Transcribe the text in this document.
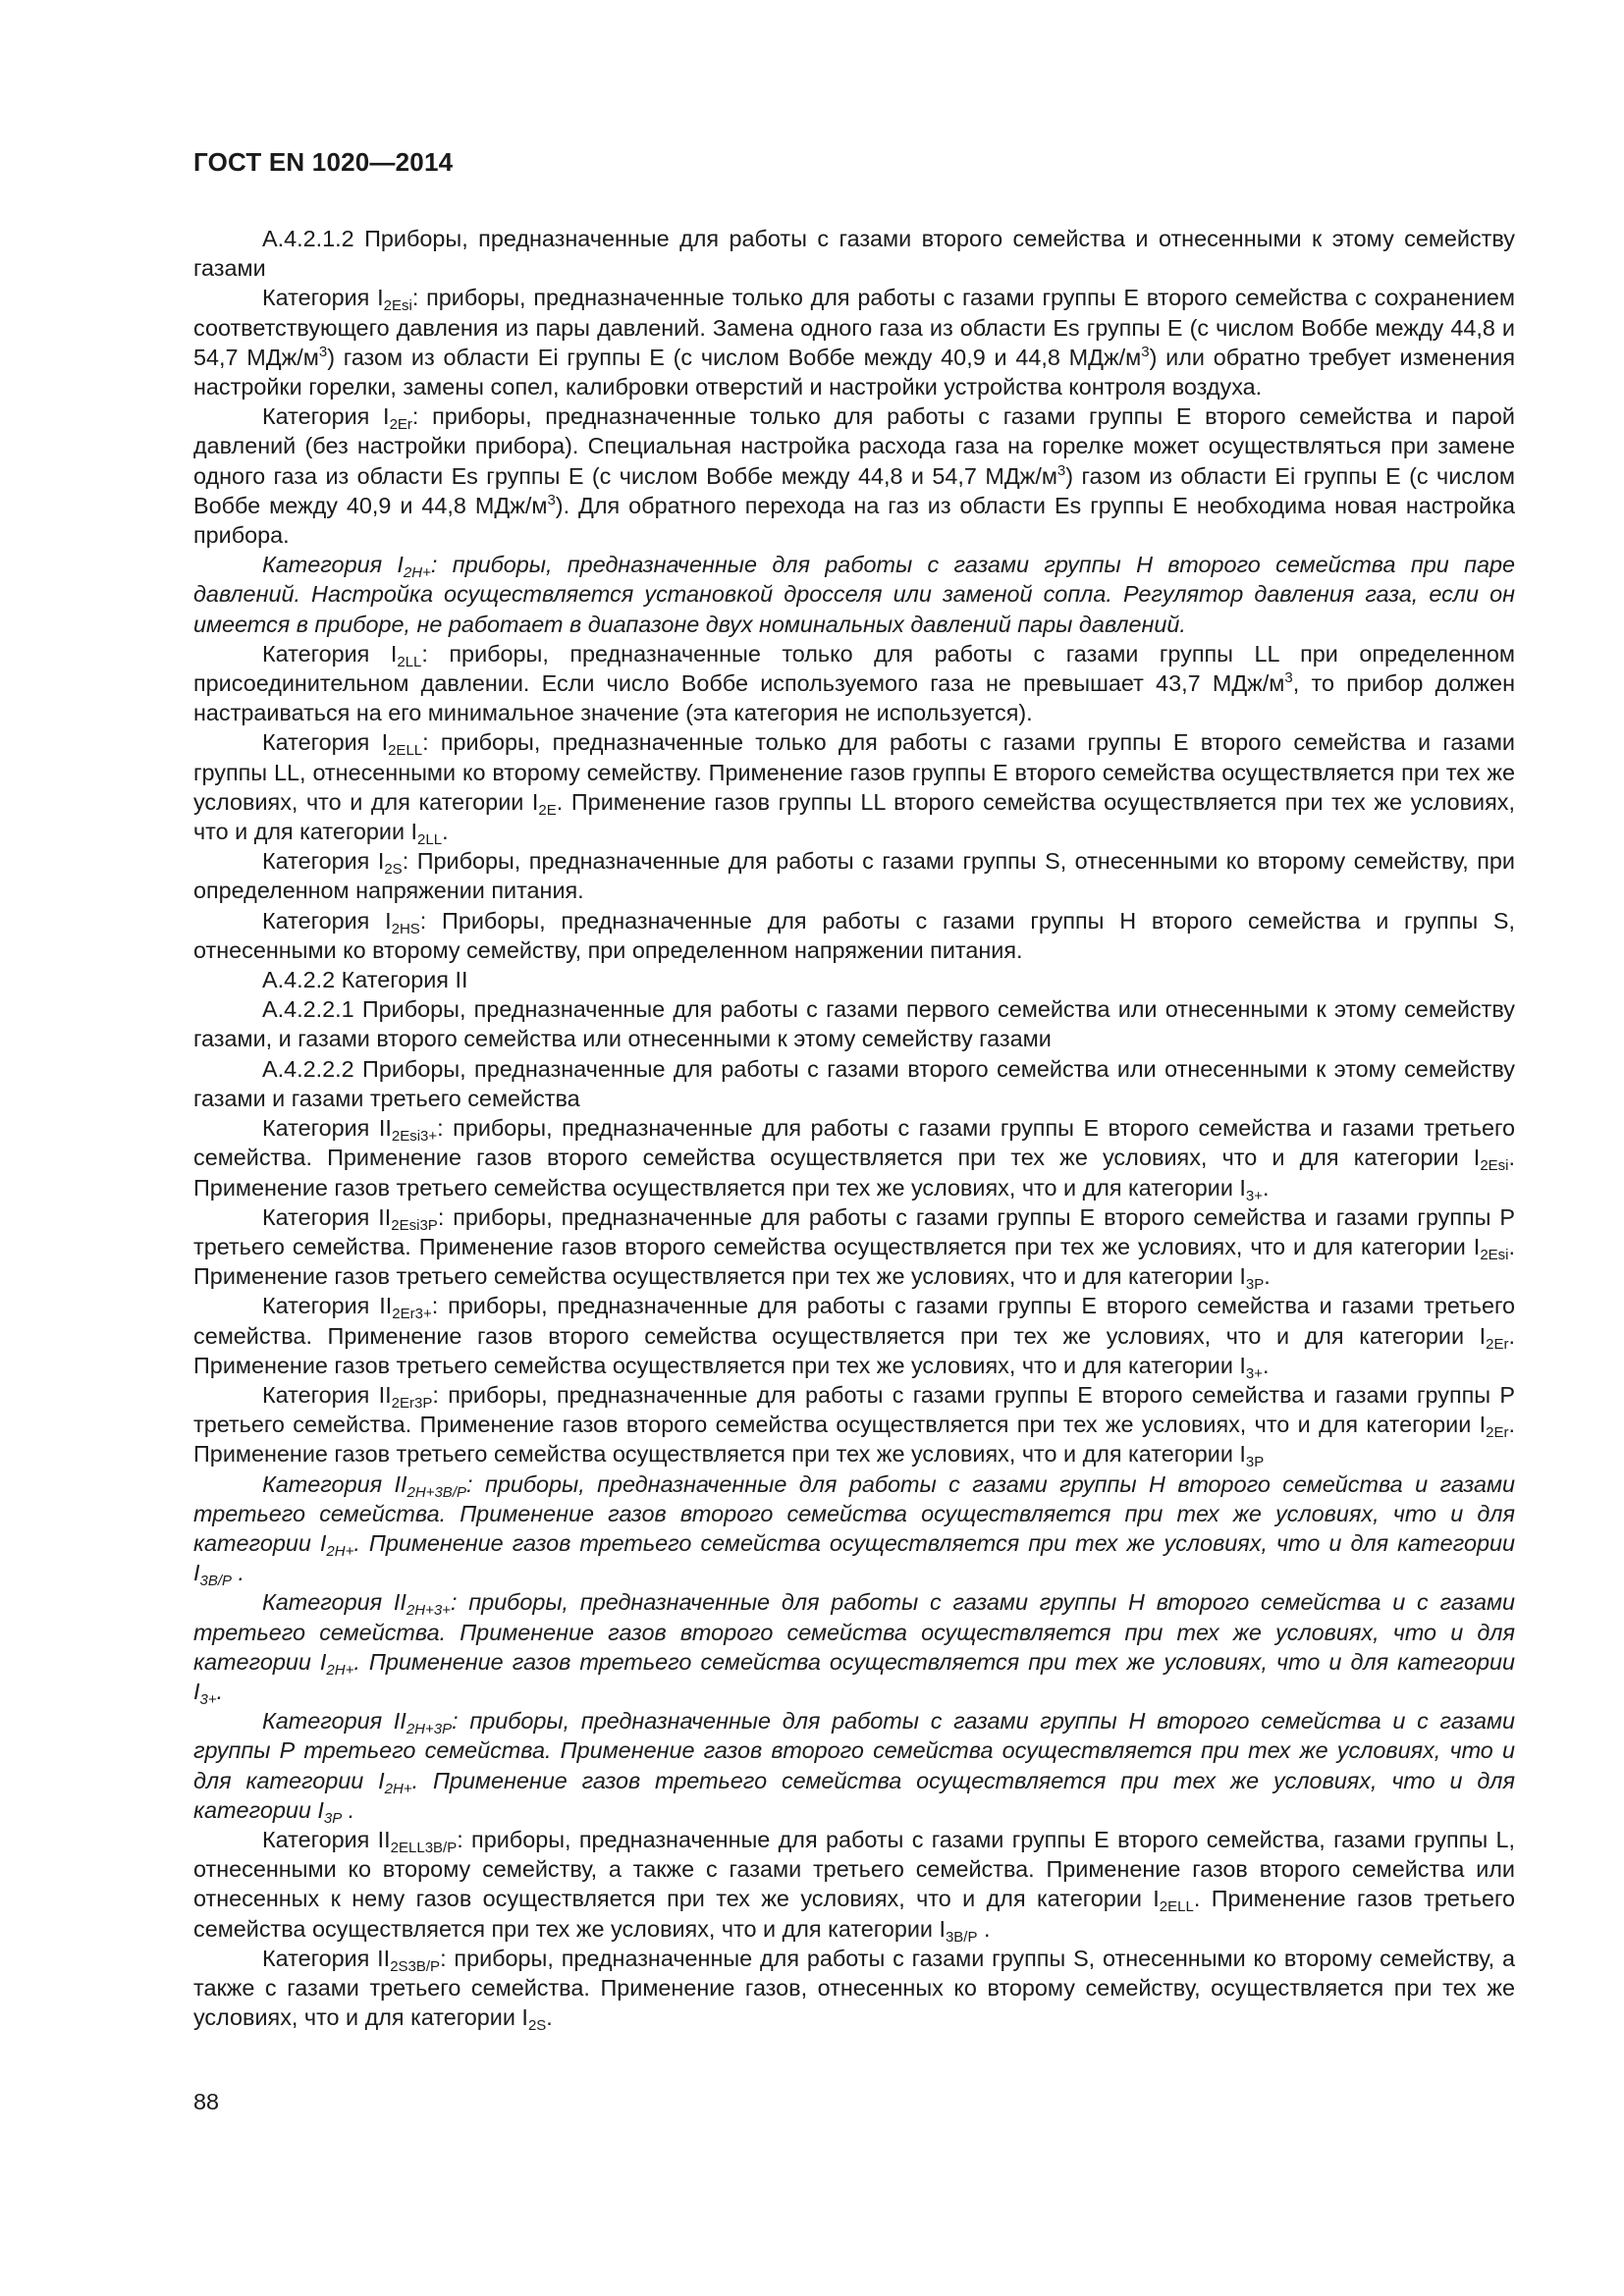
ГОСТ EN 1020—2014

А.4.2.1.2 Приборы, предназначенные для работы с газами второго семейства и отнесенными к этому семейству газами

Категория $I_{2Esi}$: приборы, предназначенные только для работы с газами группы Е второго семейства с сохранением соответствующего давления из пары давлений. Замена одного газа из области Es группы Е (с числом Воббе между 44,8 и 54,7 МДж/$м^3$) газом из области Ei группы Е (с числом Воббе между 40,9 и 44,8 МДж/$м^3$) или обратно требует изменения настройки горелки, замены сопел, калибровки отверстий и настройки устройства контроля воздуха.

Категория $I_{2Er}$: приборы, предназначенные только для работы с газами группы Е второго семейства и парой давлений (без настройки прибора). Специальная настройка расхода газа на горелке может осуществляться при замене одного газа из области Es группы Е (с числом Воббе между 44,8 и 54,7 МДж/$м^3$) газом из области Ei группы Е (с числом Воббе между 40,9 и 44,8 МДж/$м^3$). Для обратного перехода на газ из области Es группы Е необходима новая настройка прибора.

Категория $I_{2H+}$: приборы, предназначенные для работы с газами группы Н второго семейства при паре давлений. Настройка осуществляется установкой дросселя или заменой сопла. Регулятор давления газа, если он имеется в приборе, не работает в диапазоне двух номинальных давлений пары давлений.

Категория $I_{2LL}$: приборы, предназначенные только для работы с газами группы LL при определенном присоединительном давлении. Если число Воббе используемого газа не превышает 43,7 МДж/$м^3$, то прибор должен настраиваться на его минимальное значение (эта категория не используется).

Категория $I_{2ELL}$: приборы, предназначенные только для работы с газами группы Е второго семейства и газами группы LL, отнесенными ко второму семейству. Применение газов группы Е второго семейства осуществляется при тех же условиях, что и для категории $I_{2E}$. Применение газов группы LL второго семейства осуществляется при тех же условиях, что и для категории $I_{2LL}$.

Категория $I_{2S}$: Приборы, предназначенные для работы с газами группы S, отнесенными ко второму семейству, при определенном напряжении питания.

Категория $I_{2HS}$: Приборы, предназначенные для работы с газами группы Н второго семейства и группы S, отнесенными ко второму семейству, при определенном напряжении питания.

А.4.2.2 Категория II

А.4.2.2.1 Приборы, предназначенные для работы с газами первого семейства или отнесенными к этому семейству газами, и газами второго семейства или отнесенными к этому семейству газами

А.4.2.2.2 Приборы, предназначенные для работы с газами второго семейства или отнесенными к этому семейству газами и газами третьего семейства

Категория $II_{2Esi3+}$: приборы, предназначенные для работы с газами группы Е второго семейства и газами третьего семейства. Применение газов второго семейства осуществляется при тех же условиях, что и для категории $I_{2Esi}$. Применение газов третьего семейства осуществляется при тех же условиях, что и для категории $I_{3+}$.

Категория $II_{2Esi3P}$: приборы, предназначенные для работы с газами группы Е второго семейства и газами группы Р третьего семейства. Применение газов второго семейства осуществляется при тех же условиях, что и для категории $I_{2Esi}$. Применение газов третьего семейства осуществляется при тех же условиях, что и для категории $I_{3P}$.

Категория $II_{2Er3+}$: приборы, предназначенные для работы с газами группы Е второго семейства и газами третьего семейства. Применение газов второго семейства осуществляется при тех же условиях, что и для категории $I_{2Er}$. Применение газов третьего семейства осуществляется при тех же условиях, что и для категории $I_{3+}$.

Категория $II_{2Er3P}$: приборы, предназначенные для работы с газами группы Е второго семейства и газами группы Р третьего семейства. Применение газов второго семейства осуществляется при тех же условиях, что и для категории $I_{2Er}$. Применение газов третьего семейства осуществляется при тех же условиях, что и для категории $I_{3P}$

Категория $II_{2H+3B/P}$: приборы, предназначенные для работы с газами группы Н второго семейства и газами третьего семейства. Применение газов второго семейства осуществляется при тех же условиях, что и для категории $I_{2H+}$. Применение газов третьего семейства осуществляется при тех же условиях, что и для категории $I_{3B/P}$ .

Категория $II_{2H+3+}$: приборы, предназначенные для работы с газами группы Н второго семейства и с газами третьего семейства. Применение газов второго семейства осуществляется при тех же условиях, что и для категории $I_{2H+}$. Применение газов третьего семейства осуществляется при тех же условиях, что и для категории $I_{3+}$.

Категория $II_{2H+3P}$: приборы, предназначенные для работы с газами группы Н второго семейства и с газами группы Р третьего семейства. Применение газов второго семейства осуществляется при тех же условиях, что и для категории $I_{2H+}$. Применение газов третьего семейства осуществляется при тех же условиях, что и для категории $I_{3P}$ .

Категория $II_{2ELL3B/P}$: приборы, предназначенные для работы с газами группы Е второго семейства, газами группы L, отнесенными ко второму семейству, а также с газами третьего семейства. Применение газов второго семейства или отнесенных к нему газов осуществляется при тех же условиях, что и для категории $I_{2ELL}$. Применение газов третьего семейства осуществляется при тех же условиях, что и для категории $I_{3B/P}$ .

Категория $II_{2S3B/P}$: приборы, предназначенные для работы с газами группы S, отнесенными ко второму семейству, а также с газами третьего семейства. Применение газов, отнесенных ко второму семейству, осуществляется при тех же условиях, что и для категории $I_{2S}$.

88
